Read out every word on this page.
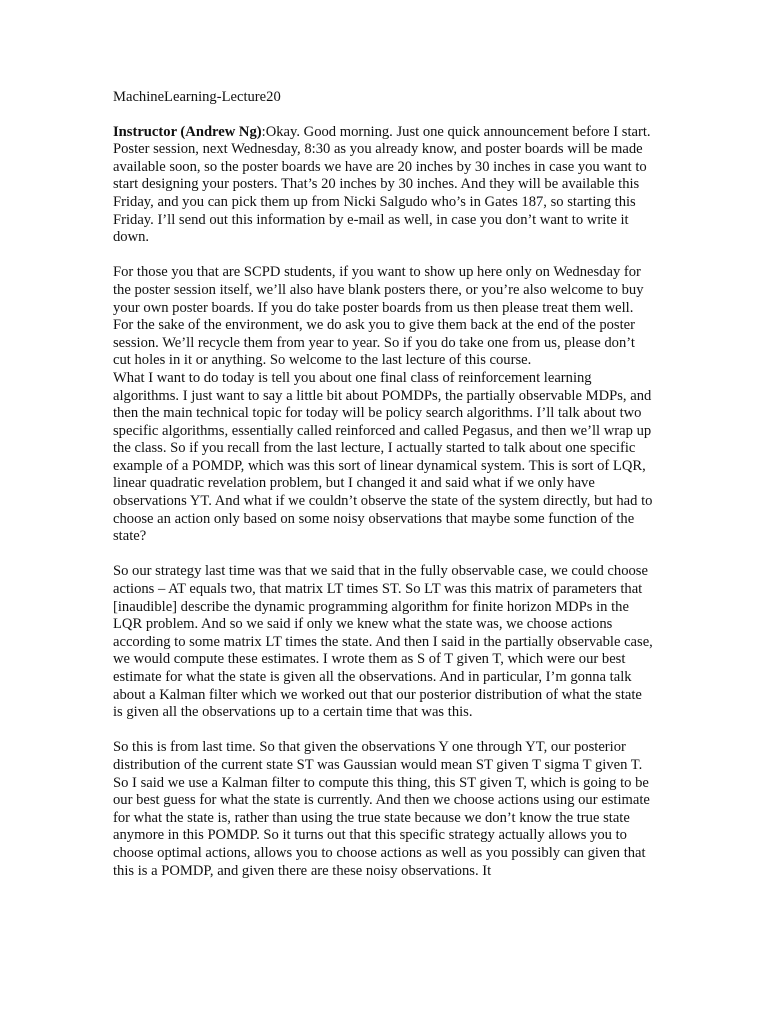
MachineLearning-Lecture20

Instructor (Andrew Ng):Okay. Good morning. Just one quick announcement before I start. Poster session, next Wednesday, 8:30 as you already know, and poster boards will be made available soon, so the poster boards we have are 20 inches by 30 inches in case you want to start designing your posters. That’s 20 inches by 30 inches. And they will be available this Friday, and you can pick them up from Nicki Salgudo who’s in Gates 187, so starting this Friday. I’ll send out this information by e-mail as well, in case you don’t want to write it down.

For those you that are SCPD students, if you want to show up here only on Wednesday for the poster session itself, we’ll also have blank posters there, or you’re also welcome to buy your own poster boards. If you do take poster boards from us then please treat them well. For the sake of the environment, we do ask you to give them back at the end of the poster session. We’ll recycle them from year to year. So if you do take one from us, please don’t cut holes in it or anything. So welcome to the last lecture of this course.

What I want to do today is tell you about one final class of reinforcement learning algorithms. I just want to say a little bit about POMDPs, the partially observable MDPs, and then the main technical topic for today will be policy search algorithms. I’ll talk about two specific algorithms, essentially called reinforced and called Pegasus, and then we’ll wrap up the class. So if you recall from the last lecture, I actually started to talk about one specific example of a POMDP, which was this sort of linear dynamical system. This is sort of LQR, linear quadratic revelation problem, but I changed it and said what if we only have observations YT. And what if we couldn’t observe the state of the system directly, but had to choose an action only based on some noisy observations that maybe some function of the state?

So our strategy last time was that we said that in the fully observable case, we could choose actions – AT equals two, that matrix LT times ST. So LT was this matrix of parameters that [inaudible] describe the dynamic programming algorithm for finite horizon MDPs in the LQR problem. And so we said if only we knew what the state was, we choose actions according to some matrix LT times the state. And then I said in the partially observable case, we would compute these estimates. I wrote them as S of T given T, which were our best estimate for what the state is given all the observations. And in particular, I’m gonna talk about a Kalman filter which we worked out that our posterior distribution of what the state is given all the observations up to a certain time that was this.

So this is from last time. So that given the observations Y one through YT, our posterior distribution of the current state ST was Gaussian would mean ST given T sigma T given T. So I said we use a Kalman filter to compute this thing, this ST given T, which is going to be our best guess for what the state is currently. And then we choose actions using our estimate for what the state is, rather than using the true state because we don’t know the true state anymore in this POMDP. So it turns out that this specific strategy actually allows you to choose optimal actions, allows you to choose actions as well as you possibly can given that this is a POMDP, and given there are these noisy observations. It
